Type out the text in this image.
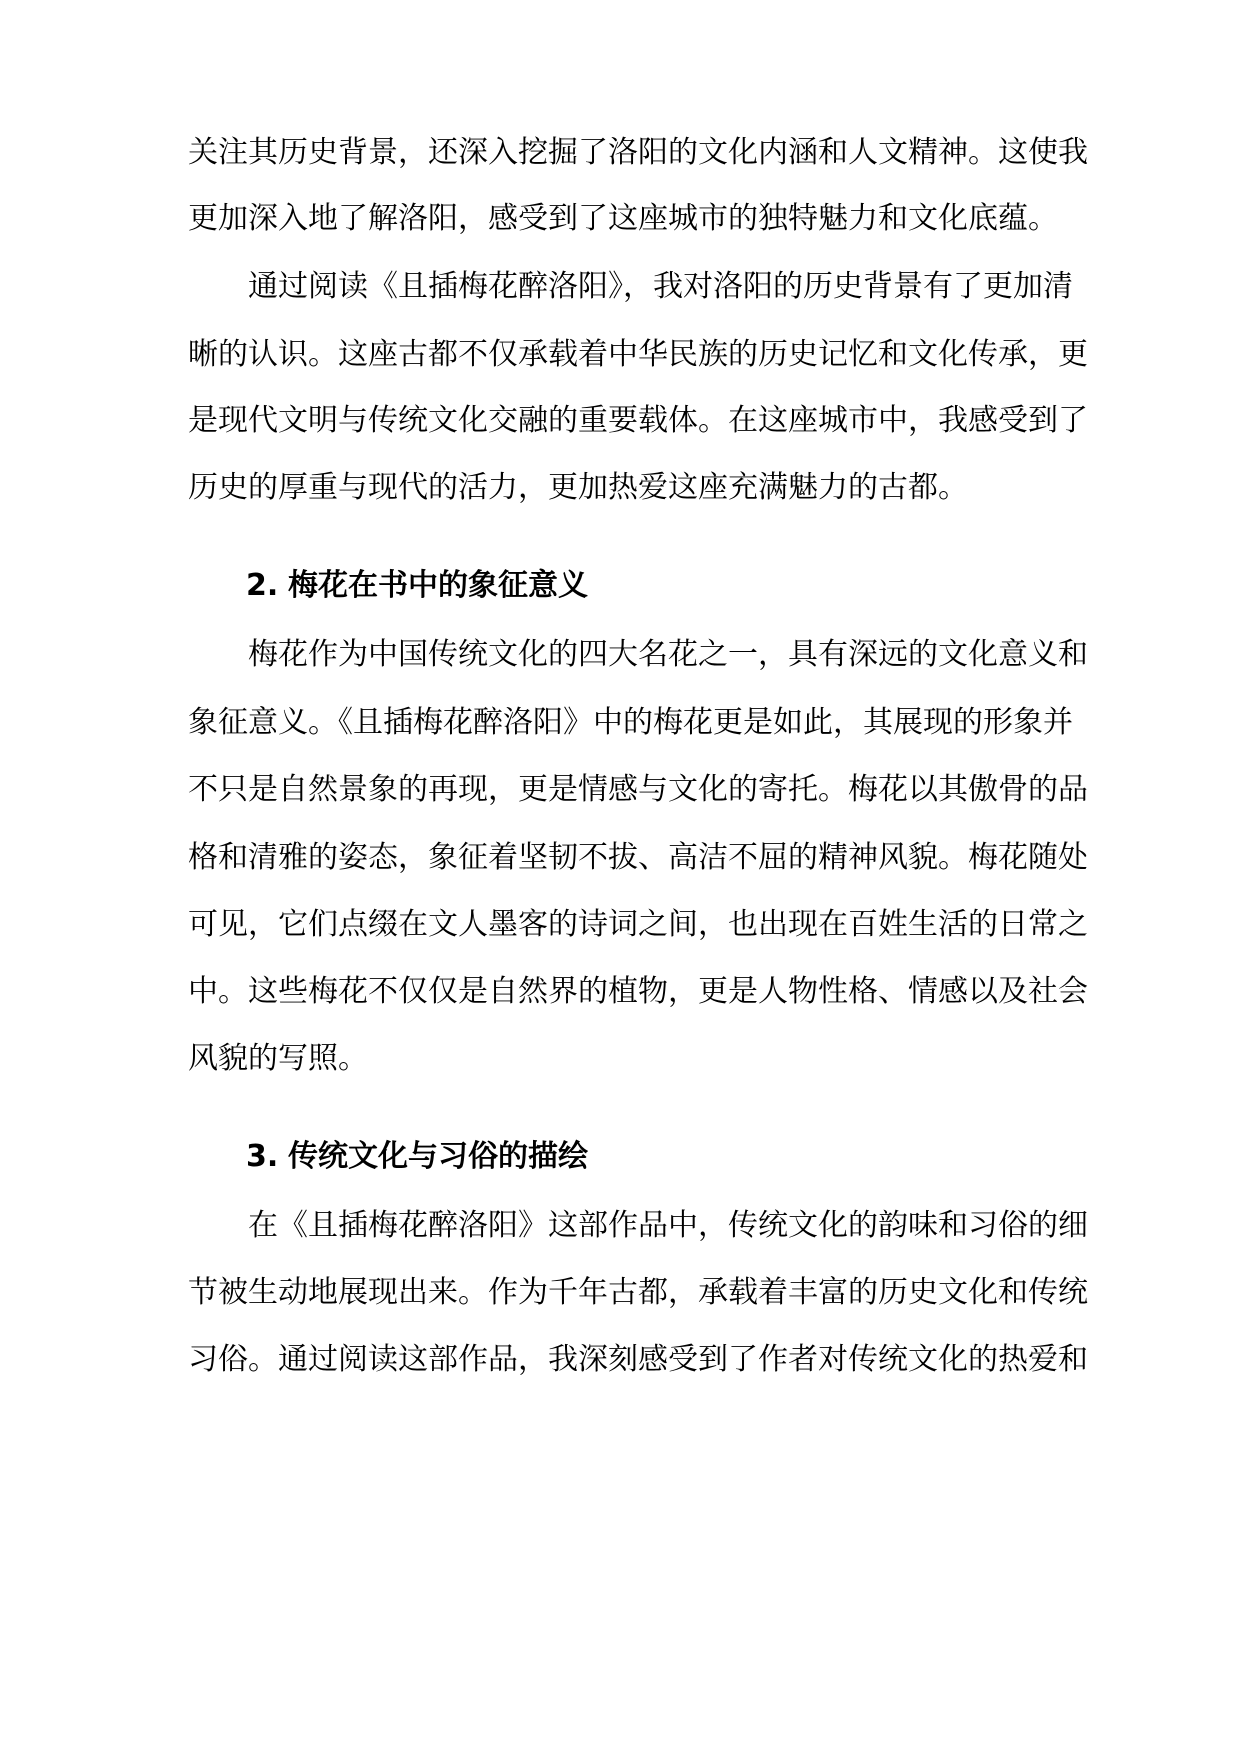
关注其历史背景，还深入挖掘了洛阳的文化内涵和人文精神。这使我
更加深入地了解洛阳，感受到了这座城市的独特魅力和文化底蕴。
通过阅读《且插梅花醉洛阳》，我对洛阳的历史背景有了更加清
晰的认识。这座古都不仅承载着中华民族的历史记忆和文化传承，更
是现代文明与传统文化交融的重要载体。在这座城市中，我感受到了
历史的厚重与现代的活力，更加热爱这座充满魅力的古都。
2. 梅花在书中的象征意义
梅花作为中国传统文化的四大名花之一，具有深远的文化意义和
象征意义。《且插梅花醉洛阳》中的梅花更是如此，其展现的形象并
不只是自然景象的再现，更是情感与文化的寄托。梅花以其傲骨的品
格和清雅的姿态，象征着坚韧不拔、高洁不屈的精神风貌。梅花随处
可见，它们点缀在文人墨客的诗词之间，也出现在百姓生活的日常之
中。这些梅花不仅仅是自然界的植物，更是人物性格、情感以及社会
风貌的写照。
3. 传统文化与习俗的描绘
在《且插梅花醉洛阳》这部作品中，传统文化的韵味和习俗的细
节被生动地展现出来。作为千年古都，承载着丰富的历史文化和传统
习俗。通过阅读这部作品，我深刻感受到了作者对传统文化的热爱和
